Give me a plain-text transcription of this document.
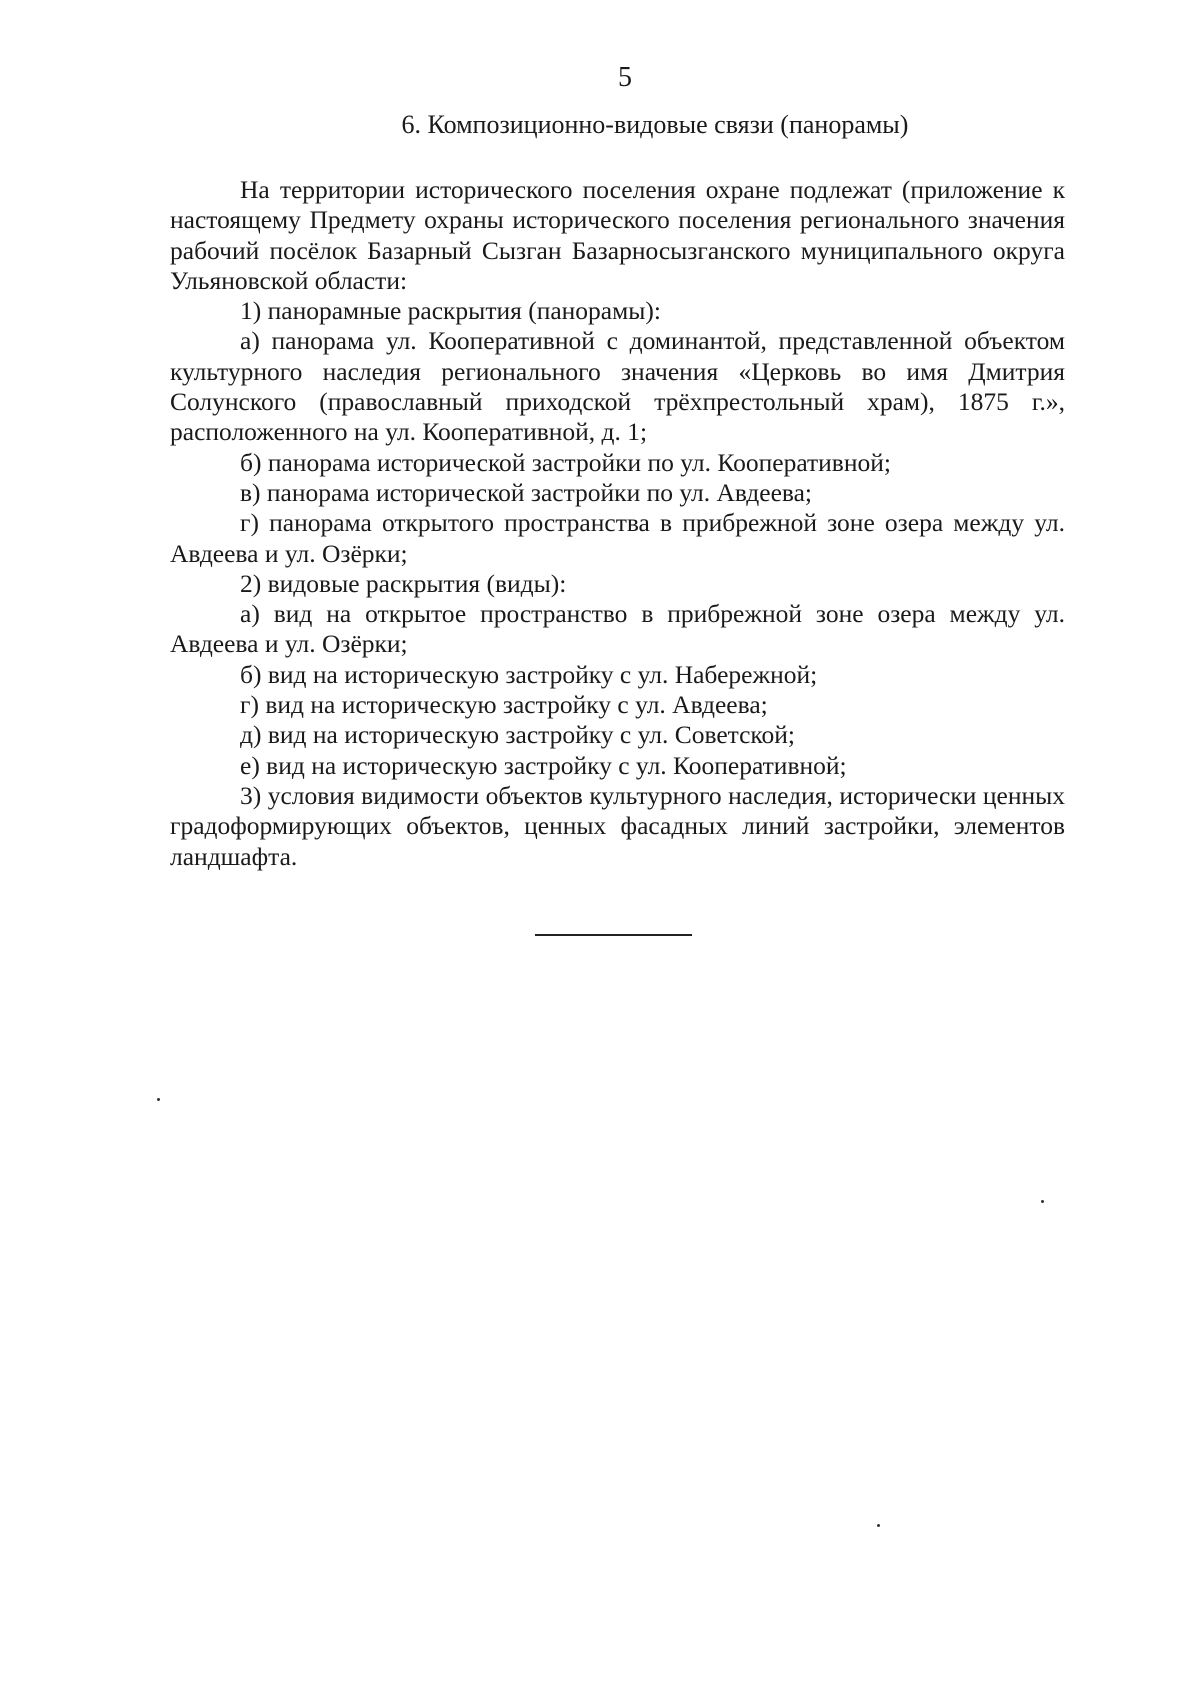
5
6. Композиционно-видовые связи (панорамы)

На территории исторического поселения охране подлежат (приложение к настоящему Предмету охраны исторического поселения регионального значения рабочий посёлок Базарный Сызган Базарносызганского муниципального округа Ульяновской области:

1) панорамные раскрытия (панорамы):

а) панорама ул. Кооперативной с доминантой, представленной объектом культурного наследия регионального значения «Церковь во имя Дмитрия Солунского (православный приходской трёхпрестольный храм), 1875 г.», расположенного на ул. Кооперативной, д. 1;

б) панорама исторической застройки по ул. Кооперативной;

в) панорама исторической застройки по ул. Авдеева;

г) панорама открытого пространства в прибрежной зоне озера между ул. Авдеева и ул. Озёрки;

2) видовые раскрытия (виды):

а) вид на открытое пространство в прибрежной зоне озера между ул. Авдеева и ул. Озёрки;

б) вид на историческую застройку с ул. Набережной;

г) вид на историческую застройку с ул. Авдеева;

д) вид на историческую застройку с ул. Советской;

е) вид на историческую застройку с ул. Кооперативной;

3) условия видимости объектов культурного наследия, исторически ценных градоформирующих объектов, ценных фасадных линий застройки, элементов ландшафта.
